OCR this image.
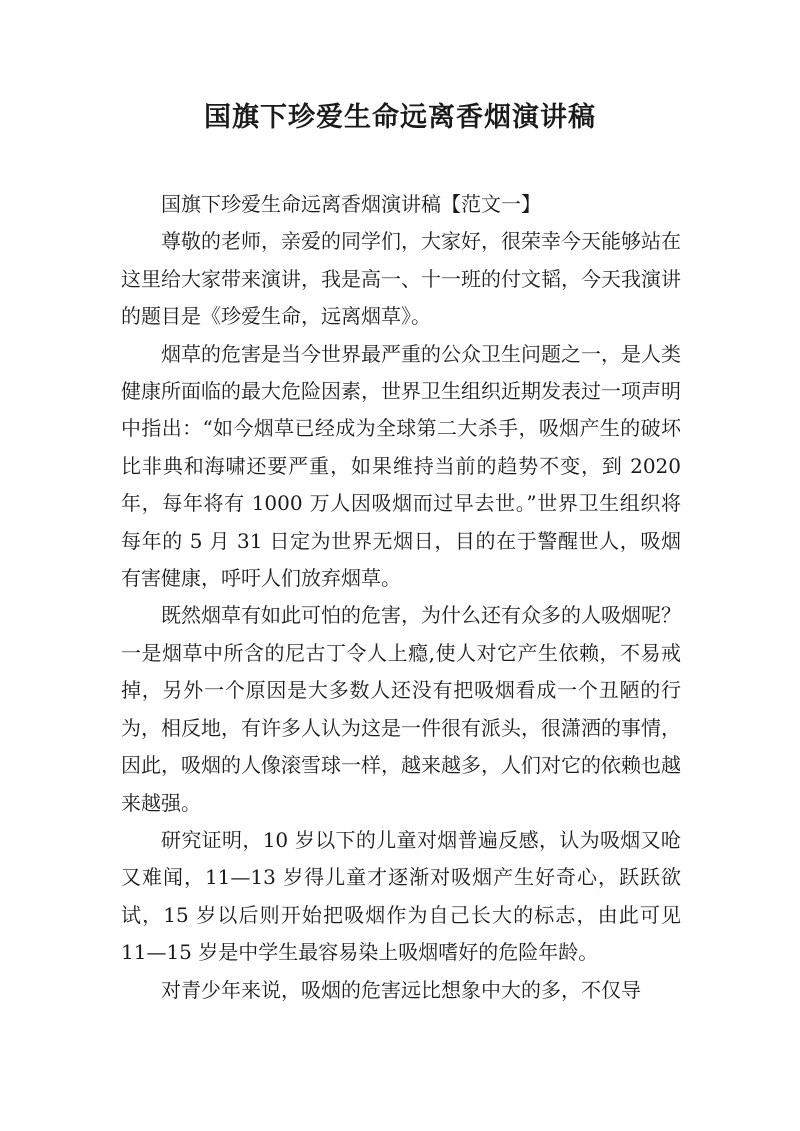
国旗下珍爱生命远离香烟演讲稿

国旗下珍爱生命远离香烟演讲稿【范文一】

尊敬的老师，亲爱的同学们，大家好，很荣幸今天能够站在这里给大家带来演讲，我是高一、十一班的付文韬，今天我演讲的题目是《珍爱生命，远离烟草》。

烟草的危害是当今世界最严重的公众卫生问题之一，是人类健康所面临的最大危险因素，世界卫生组织近期发表过一项声明中指出：“如今烟草已经成为全球第二大杀手，吸烟产生的破坏比非典和海啸还要严重，如果维持当前的趋势不变，到 2020 年，每年将有 1000 万人因吸烟而过早去世。”世界卫生组织将每年的 5 月 31 日定为世界无烟日，目的在于警醒世人，吸烟有害健康，呼吁人们放弃烟草。

既然烟草有如此可怕的危害，为什么还有众多的人吸烟呢？一是烟草中所含的尼古丁令人上瘾,使人对它产生依赖，不易戒掉，另外一个原因是大多数人还没有把吸烟看成一个丑陋的行为，相反地，有许多人认为这是一件很有派头，很潇洒的事情，因此，吸烟的人像滚雪球一样，越来越多，人们对它的依赖也越来越强。

研究证明，10 岁以下的儿童对烟普遍反感，认为吸烟又呛又难闻，11—13 岁得儿童才逐渐对吸烟产生好奇心，跃跃欲试，15 岁以后则开始把吸烟作为自己长大的标志，由此可见 11—15 岁是中学生最容易染上吸烟嗜好的危险年龄。

对青少年来说，吸烟的危害远比想象中大的多，不仅导
